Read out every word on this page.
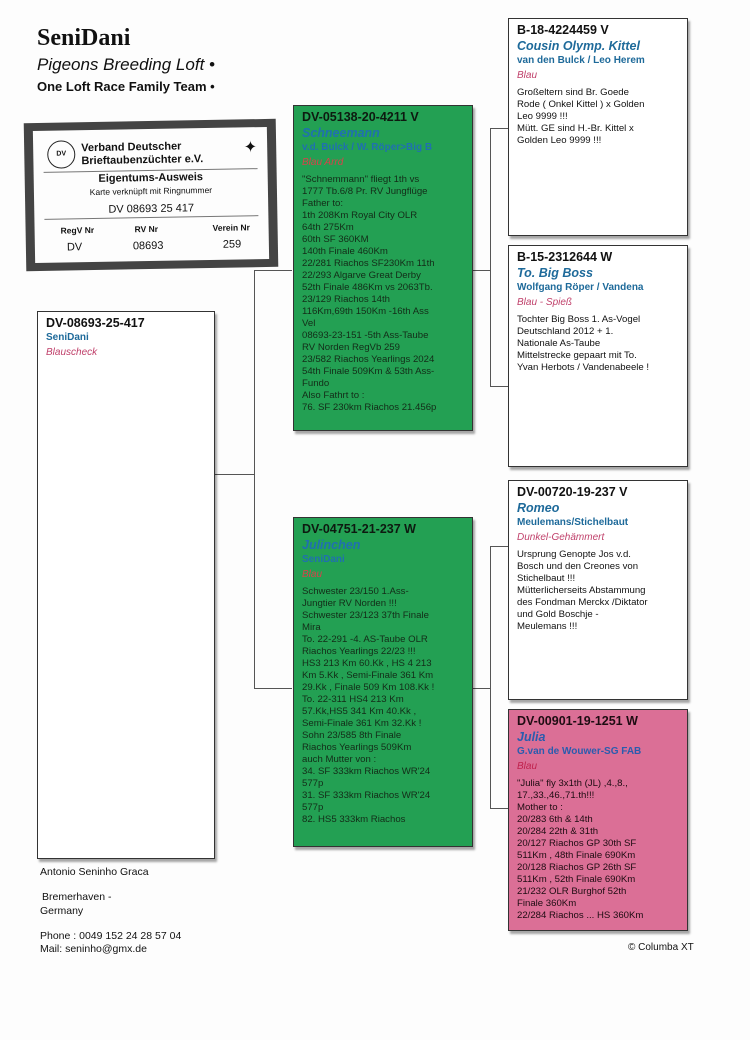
SeniDani
Pigeons Breeding Loft •
One Loft Race Family Team •
DV	✦
Verband Deutscher
Brieftaubenzüchter e.V.
Eigentums-Ausweis
Karte verknüpft mit Ringnummer
DV 08693 25 417
RegV Nr	RV Nr	Verein Nr
DV	08693	259
DV-08693-25-417
SeniDani
Blauscheck
DV-05138-20-4211 V
Schneemann
v.d. Bulck / W. Röper>Big B
Blau Arrd
"Schnemmann" fliegt 1th vs
1777 Tb.6/8 Pr. RV Jungflüge
Father to:
1th 208Km Royal City OLR
64th 275Km
60th SF 360KM
140th Finale 460Km
22/281 Riachos SF230Km 11th
22/293 Algarve Great Derby
52th Finale 486Km vs 2063Tb.
23/129 Riachos 14th
116Km,69th 150Km -16th Ass
Vel
08693-23-151 -5th Ass-Taube
RV Norden RegVb 259
23/582 Riachos Yearlings 2024
54th Finale 509Km & 53th Ass-
Fundo
Also Fathrt to :
76. SF 230km Riachos 21.456p
DV-04751-21-237 W
Julinchen
SeniDani
Blau
Schwester 23/150 1.Ass-
Jungtier RV Norden !!!
Schwester 23/123 37th Finale
Mira
To. 22-291 -4. AS-Taube OLR
Riachos Yearlings 22/23 !!!
HS3 213 Km 60.Kk , HS 4 213
Km 5.Kk , Semi-Finale 361 Km
29.Kk , Finale 509 Km 108.Kk !
To. 22-311 HS4 213 Km
57.Kk,HS5 341 Km 40.Kk ,
Semi-Finale 361 Km 32.Kk !
Sohn 23/585 8th Finale
Riachos Yearlings 509Km
auch Mutter von :
34. SF 333km Riachos WR'24
577p
31. SF 333km Riachos WR'24
577p
82. HS5 333km Riachos
B-18-4224459 V
Cousin Olymp. Kittel
van den Bulck / Leo Herem
Blau
Großeltern sind Br. Goede
Rode ( Onkel Kittel ) x Golden
Leo 9999 !!!
Mütt. GE sind H.-Br. Kittel x
Golden Leo 9999 !!!
B-15-2312644 W
To. Big Boss
Wolfgang Röper / Vandena
Blau - Spieß
Tochter Big Boss 1. As-Vogel
Deutschland 2012 + 1.
Nationale As-Taube
Mittelstrecke gepaart mit To.
Yvan Herbots / Vandenabeele !
DV-00720-19-237 V
Romeo
Meulemans/Stichelbaut
Dunkel-Gehämmert
Ursprung Genopte Jos v.d.
Bosch und den Creones von
Stichelbaut !!!
Mütterlicherseits Abstammung
des Fondman Merckx /Diktator
und Gold Boschje -
Meulemans !!!
DV-00901-19-1251 W
Julia
G.van de Wouwer-SG FAB
Blau
"Julia" fly 3x1th (JL) ,4.,8.,
17.,33.,46.,71.th!!!
Mother to :
20/283 6th & 14th
20/284 22th & 31th
20/127 Riachos GP 30th SF
511Km , 48th Finale 690Km
20/128 Riachos GP 26th SF
511Km , 52th Finale 690Km
21/232 OLR Burghof 52th
Finale 360Km
22/284 Riachos ... HS 360Km
Antonio Seninho Graca
Bremerhaven -
Germany
Phone : 0049 152 24 28 57 04
Mail: seninho@gmx.de	© Columba XT
